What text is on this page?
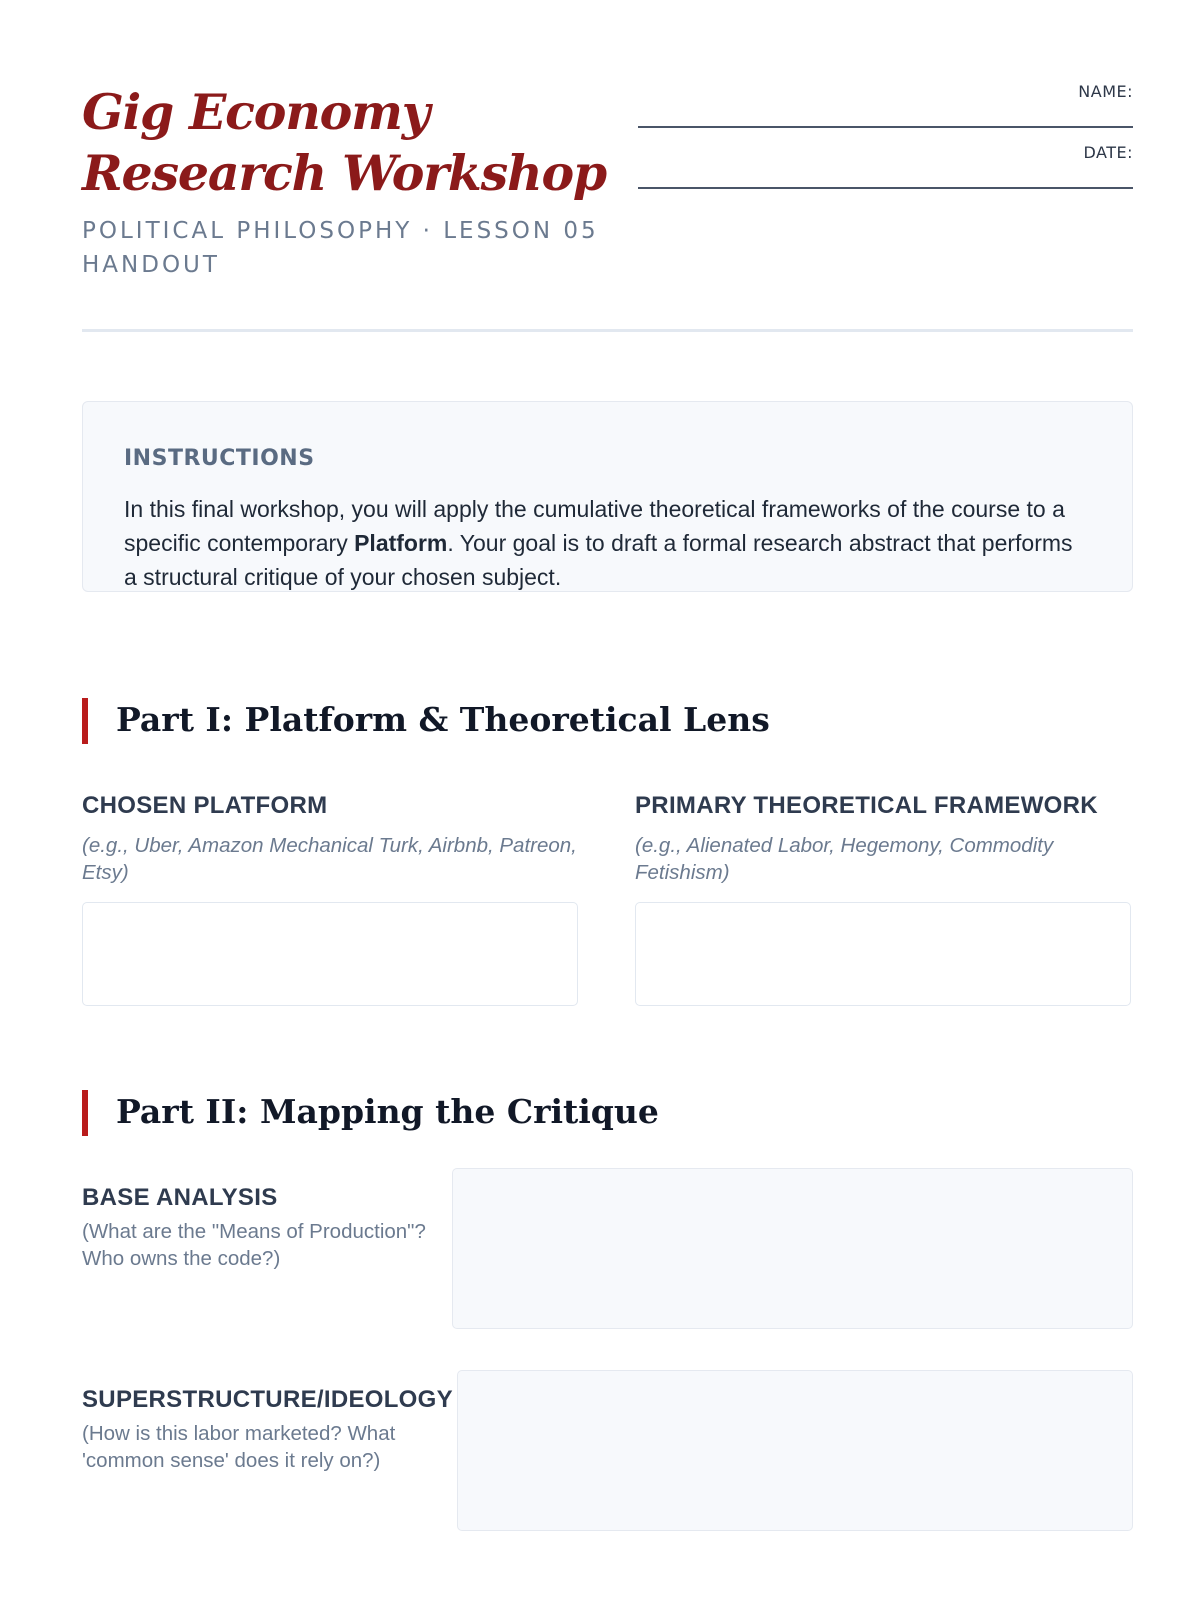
Gig Economy Research Workshop
POLITICAL PHILOSOPHY · LESSON 05 HANDOUT
NAME:
DATE:
INSTRUCTIONS
In this final workshop, you will apply the cumulative theoretical frameworks of the course to a specific contemporary Platform. Your goal is to draft a formal research abstract that performs a structural critique of your chosen subject.
Part I: Platform & Theoretical Lens
CHOSEN PLATFORM
(e.g., Uber, Amazon Mechanical Turk, Airbnb, Patreon, Etsy)
PRIMARY THEORETICAL FRAMEWORK
(e.g., Alienated Labor, Hegemony, Commodity Fetishism)
Part II: Mapping the Critique
BASE ANALYSIS
(What are the "Means of Production"? Who owns the code?)
SUPERSTRUCTURE/IDEOLOGY
(How is this labor marketed? What 'common sense' does it rely on?)
